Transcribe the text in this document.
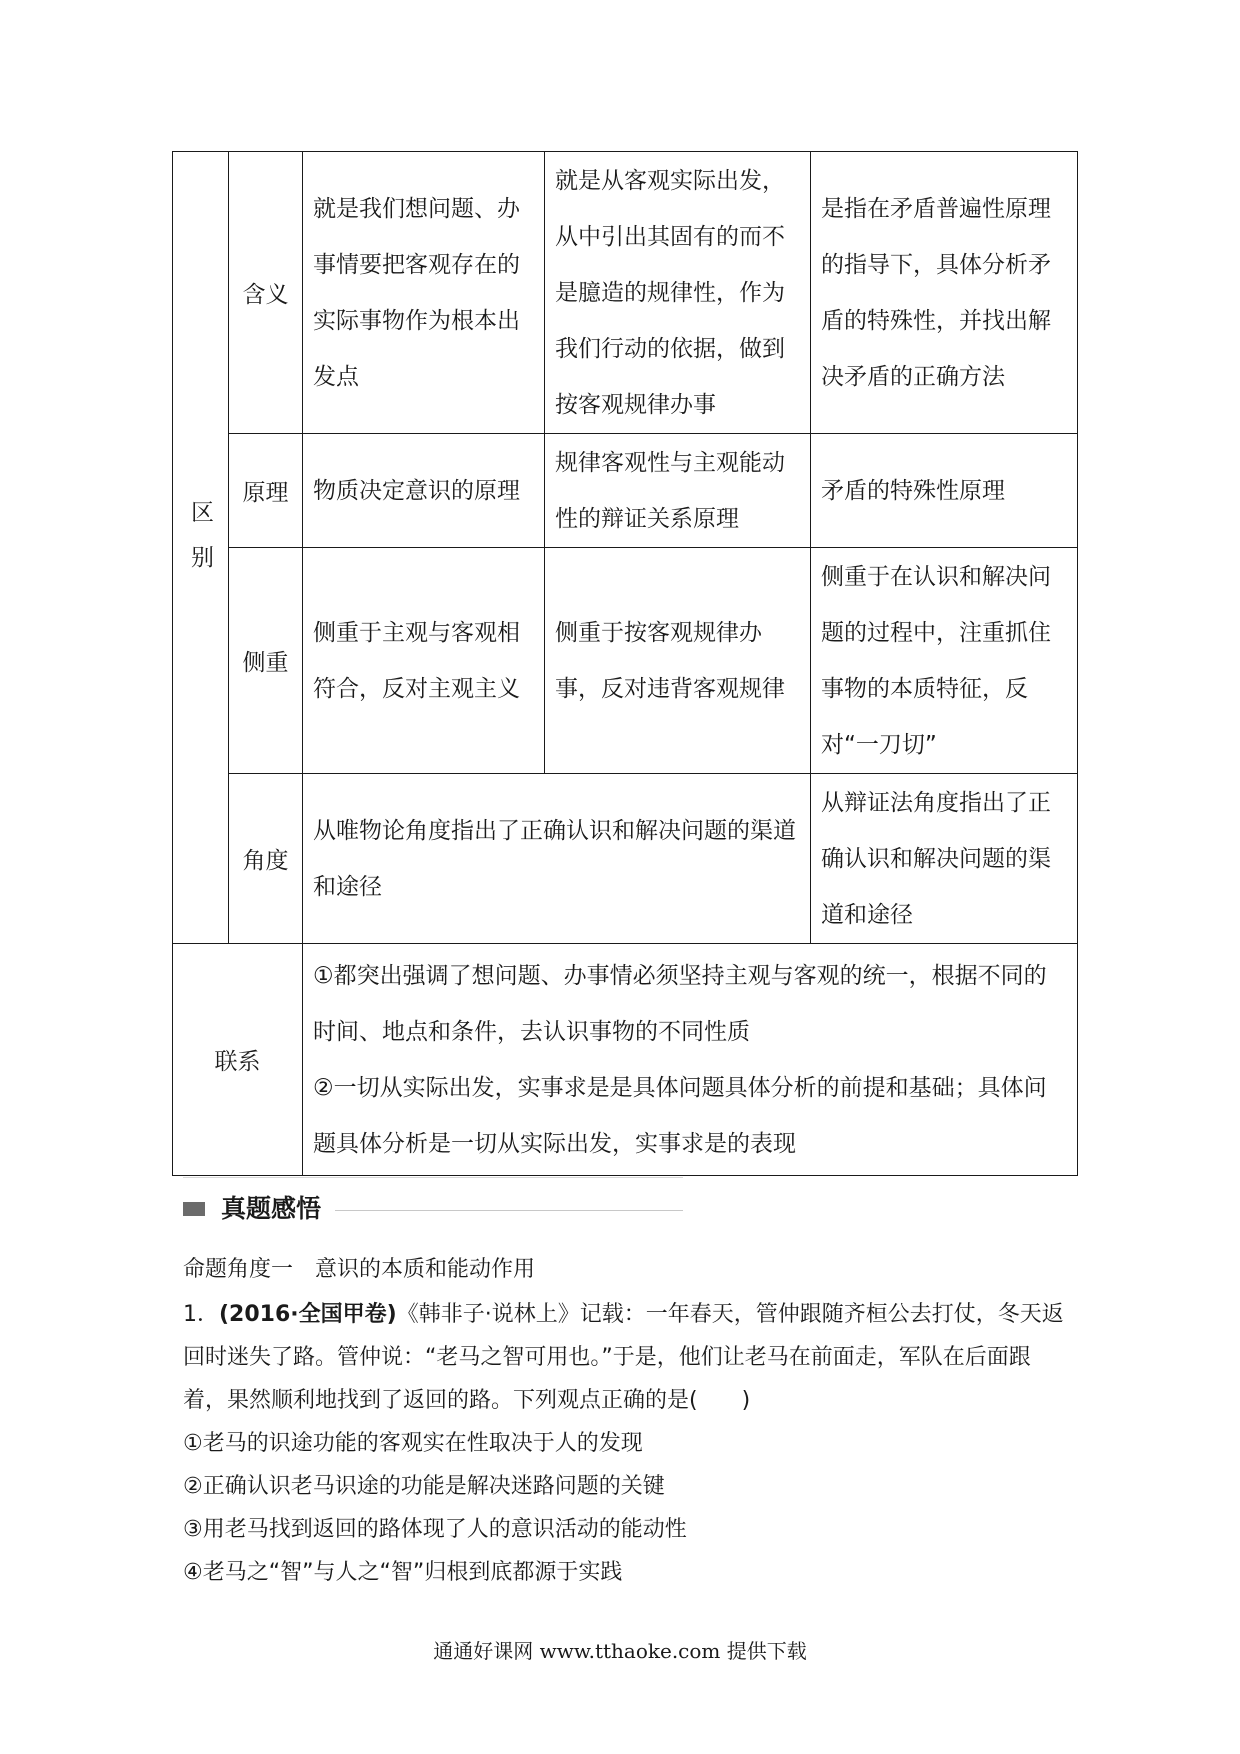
区别	含义	就是我们想问题、办事情要把客观存在的实际事物作为根本出发点	就是从客观实际出发，从中引出其固有的而不是臆造的规律性，作为我们行动的依据，做到按客观规律办事	是指在矛盾普遍性原理的指导下，具体分析矛盾的特殊性，并找出解决矛盾的正确方法

	原理	物质决定意识的原理	规律客观性与主观能动性的辩证关系原理	矛盾的特殊性原理

	侧重	侧重于主观与客观相符合，反对主观主义	侧重于按客观规律办事，反对违背客观规律	侧重于在认识和解决问题的过程中，注重抓住事物的本质特征，反对“一刀切”

	角度	从唯物论角度指出了正确认识和解决问题的渠道和途径		从辩证法角度指出了正确认识和解决问题的渠道和途径

联系		①都突出强调了想问题、办事情必须坚持主观与客观的统一，根据不同的时间、地点和条件，去认识事物的不同性质

②一切从实际出发，实事求是是具体问题具体分析的前提和基础；具体问题具体分析是一切从实际出发，实事求是的表现		

真题感悟
命题角度一　意识的本质和能动作用

1．(2016·全国甲卷)《韩非子·说林上》记载：一年春天，管仲跟随齐桓公去打仗，冬天返回时迷失了路。管仲说：“老马之智可用也。”于是，他们让老马在前面走，军队在后面跟着，果然顺利地找到了返回的路。下列观点正确的是(　　)

①老马的识途功能的客观实在性取决于人的发现

②正确认识老马识途的功能是解决迷路问题的关键

③用老马找到返回的路体现了人的意识活动的能动性

④老马之“智”与人之“智”归根到底都源于实践

通通好课网 www.tthaoke.com 提供下载
